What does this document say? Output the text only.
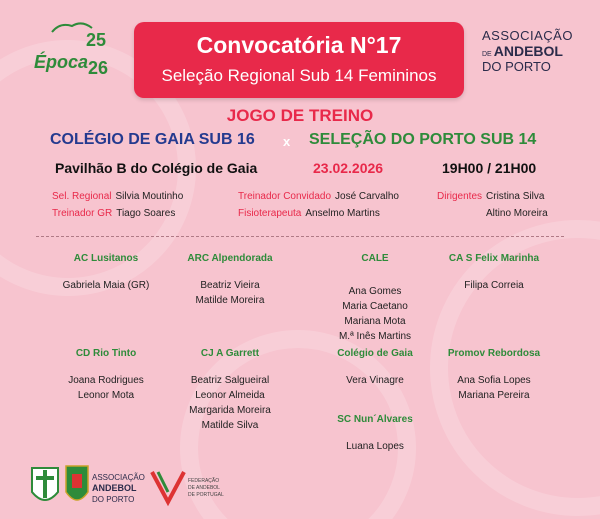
25
Época 26
Convocatória N°17
Seleção Regional Sub 14 Femininos
ASSOCIAÇÃO
DE ANDEBOL
DO PORTO
JOGO DE TREINO
COLÉGIO DE GAIA SUB 16 x SELEÇÃO DO PORTO SUB 14
Pavilhão B do Colégio de Gaia	23.02.2026	19H00 / 21H00
Sel. Regional Silvia Moutinho
Treinador GR Tiago Soares
Treinador Convidado José Carvalho
Fisioterapeuta Anselmo Martins
Dirigentes Cristina Silva
Altino Moreira
AC Lusitanos
Gabriela Maia (GR)
ARC Alpendorada
Beatriz Vieira
Matilde Moreira
CALE
Ana Gomes
Maria Caetano
Mariana Mota
M.ª Inês Martins
CA S Felix Marinha
Filipa Correia
CD Rio Tinto
Joana Rodrigues
Leonor Mota
CJ A Garrett
Beatriz Salgueiral
Leonor Almeida
Margarida Moreira
Matilde Silva
Colégio de Gaia
Vera Vinagre
Promov Rebordosa
Ana Sofia Lopes
Mariana Pereira
SC Nun´Alvares
Luana Lopes
ASSOCIAÇÃO
ANDEBOL
DO PORTO
FEDERAÇÃO
DE ANDEBOL
DE PORTUGAL
